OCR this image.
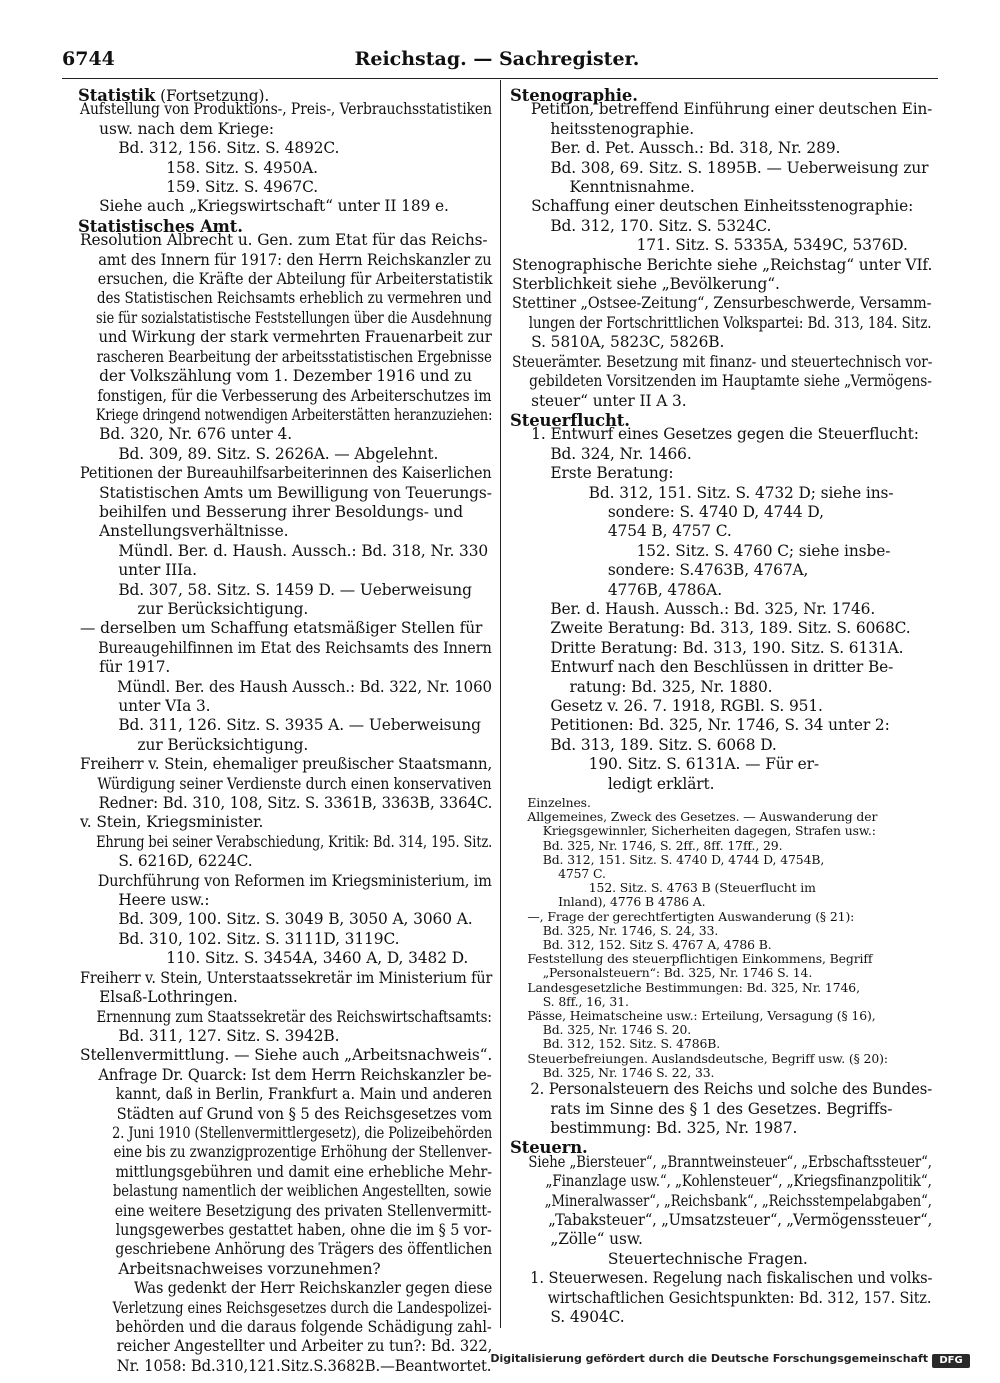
6744	Reichstag. — Sachregister.
Statistik (Fortsetzung).
Aufstellung von Produktions-, Preis-, Verbrauchsstatistiken
usw. nach dem Kriege:
Bd. 312, 156. Sitz. S. 4892C.
158. Sitz. S. 4950A.
159. Sitz. S. 4967C.
Siehe auch „Kriegswirtschaft“ unter II 189 e.
Statistisches Amt.
Resolution Albrecht u. Gen. zum Etat für das Reichs-
amt des Innern für 1917: den Herrn Reichskanzler zu
ersuchen, die Kräfte der Abteilung für Arbeiterstatistik
des Statistischen Reichsamts erheblich zu vermehren und
sie für sozialstatistische Feststellungen über die Ausdehnung
und Wirkung der stark vermehrten Frauenarbeit zur
rascheren Bearbeitung der arbeitsstatistischen Ergebnisse
der Volkszählung vom 1. Dezember 1916 und zu
fonstigen, für die Verbesserung des Arbeiterschutzes im
Kriege dringend notwendigen Arbeiterstätten heranzuziehen:
Bd. 320, Nr. 676 unter 4.
Bd. 309, 89. Sitz. S. 2626A. — Abgelehnt.
Petitionen der Bureauhilfsarbeiterinnen des Kaiserlichen
Statistischen Amts um Bewilligung von Teuerungs-
beihilfen und Besserung ihrer Besoldungs- und
Anstellungsverhältnisse.
Mündl. Ber. d. Haush. Aussch.: Bd. 318, Nr. 330
unter IIIa.
Bd. 307, 58. Sitz. S. 1459 D. — Ueberweisung
zur Berücksichtigung.
— derselben um Schaffung etatsmäßiger Stellen für
Bureaugehilfinnen im Etat des Reichsamts des Innern
für 1917.
Mündl. Ber. des Haush Aussch.: Bd. 322, Nr. 1060
unter VIa 3.
Bd. 311, 126. Sitz. S. 3935 A. — Ueberweisung
zur Berücksichtigung.
Freiherr v. Stein, ehemaliger preußischer Staatsmann,
Würdigung seiner Verdienste durch einen konservativen
Redner: Bd. 310, 108, Sitz. S. 3361B, 3363B, 3364C.
v. Stein, Kriegsminister.
Ehrung bei seiner Verabschiedung, Kritik: Bd. 314, 195. Sitz.
S. 6216D, 6224C.
Durchführung von Reformen im Kriegsministerium, im
Heere usw.:
Bd. 309, 100. Sitz. S. 3049 B, 3050 A, 3060 A.
Bd. 310, 102. Sitz. S. 3111D, 3119C.
110. Sitz. S. 3454A, 3460 A, D, 3482 D.
Freiherr v. Stein, Unterstaatssekretär im Ministerium für
Elsaß-Lothringen.
Ernennung zum Staatssekretär des Reichswirtschaftsamts:
Bd. 311, 127. Sitz. S. 3942B.
Stellenvermittlung. — Siehe auch „Arbeitsnachweis“.
Anfrage Dr. Quarck: Ist dem Herrn Reichskanzler be-
kannt, daß in Berlin, Frankfurt a. Main und anderen
Städten auf Grund von § 5 des Reichsgesetzes vom
2. Juni 1910 (Stellenvermittlergesetz), die Polizeibehörden
eine bis zu zwanzigprozentige Erhöhung der Stellenver-
mittlungsgebühren und damit eine erhebliche Mehr-
belastung namentlich der weiblichen Angestellten, sowie
eine weitere Besetzigung des privaten Stellenvermitt-
lungsgewerbes gestattet haben, ohne die im § 5 vor-
geschriebene Anhörung des Trägers des öffentlichen
Arbeitsnachweises vorzunehmen?
Was gedenkt der Herr Reichskanzler gegen diese
Verletzung eines Reichsgesetzes durch die Landespolizei-
behörden und die daraus folgende Schädigung zahl-
reicher Angestellter und Arbeiter zu tun?: Bd. 322,
Nr. 1058: Bd.310,121.Sitz.S.3682B.—Beantwortet.
Stenographie.
Petition, betreffend Einführung einer deutschen Ein-
heitsstenographie.
Ber. d. Pet. Aussch.: Bd. 318, Nr. 289.
Bd. 308, 69. Sitz. S. 1895B. — Ueberweisung zur
Kenntnisnahme.
Schaffung einer deutschen Einheitsstenographie:
Bd. 312, 170. Sitz. S. 5324C.
171. Sitz. S. 5335A, 5349C, 5376D.
Stenographische Berichte siehe „Reichstag“ unter VIf.
Sterblichkeit siehe „Bevölkerung“.
Stettiner „Ostsee-Zeitung“, Zensurbeschwerde, Versamm-
lungen der Fortschrittlichen Volkspartei: Bd. 313, 184. Sitz.
S. 5810A, 5823C, 5826B.
Steuerämter. Besetzung mit finanz- und steuertechnisch vor-
gebildeten Vorsitzenden im Hauptamte siehe „Vermögens-
steuer“ unter II A 3.
Steuerflucht.
1. Entwurf eines Gesetzes gegen die Steuerflucht:
Bd. 324, Nr. 1466.
Erste Beratung:
Bd. 312, 151. Sitz. S. 4732 D; siehe ins-
sondere: S. 4740 D, 4744 D,
4754 B, 4757 C.
152. Sitz. S. 4760 C; siehe insbe-
sondere: S.4763B, 4767A,
4776B, 4786A.
Ber. d. Haush. Aussch.: Bd. 325, Nr. 1746.
Zweite Beratung: Bd. 313, 189. Sitz. S. 6068C.
Dritte Beratung: Bd. 313, 190. Sitz. S. 6131A.
Entwurf nach den Beschlüssen in dritter Be-
ratung: Bd. 325, Nr. 1880.
Gesetz v. 26. 7. 1918, RGBl. S. 951.
Petitionen: Bd. 325, Nr. 1746, S. 34 unter 2:
Bd. 313, 189. Sitz. S. 6068 D.
190. Sitz. S. 6131A. — Für er-
ledigt erklärt.
Einzelnes.
Allgemeines, Zweck des Gesetzes. — Auswanderung der
Kriegsgewinnler, Sicherheiten dagegen, Strafen usw.:
Bd. 325, Nr. 1746, S. 2ff., 8ff. 17ff., 29.
Bd. 312, 151. Sitz. S. 4740 D, 4744 D, 4754B,
4757 C.
152. Sitz. S. 4763 B (Steuerflucht im
Inland), 4776 B 4786 A.
—, Frage der gerechtfertigten Auswanderung (§ 21):
Bd. 325, Nr. 1746, S. 24, 33.
Bd. 312, 152. Sitz S. 4767 A, 4786 B.
Feststellung des steuerpflichtigen Einkommens, Begriff
„Personalsteuern“: Bd. 325, Nr. 1746 S. 14.
Landesgesetzliche Bestimmungen: Bd. 325, Nr. 1746,
S. 8ff., 16, 31.
Pässe, Heimatscheine usw.: Erteilung, Versagung (§ 16),
Bd. 325, Nr. 1746 S. 20.
Bd. 312, 152. Sitz. S. 4786B.
Steuerbefreiungen. Auslandsdeutsche, Begriff usw. (§ 20):
Bd. 325, Nr. 1746 S. 22, 33.
2. Personalsteuern des Reichs und solche des Bundes-
rats im Sinne des § 1 des Gesetzes. Begriffs-
bestimmung: Bd. 325, Nr. 1987.
Steuern.
Siehe „Biersteuer“, „Branntweinsteuer“, „Erbschaftssteuer“,
„Finanzlage usw.“, „Kohlensteuer“, „Kriegsfinanzpolitik“,
„Mineralwasser“, „Reichsbank“, „Reichsstempelabgaben“,
„Tabaksteuer“, „Umsatzsteuer“, „Vermögenssteuer“,
„Zölle“ usw.
Steuertechnische Fragen.
1. Steuerwesen. Regelung nach fiskalischen und volks-
wirtschaftlichen Gesichtspunkten: Bd. 312, 157. Sitz.
S. 4904C.
Digitalisierung gefördert durch die Deutsche Forschungsgemeinschaft	DFG
